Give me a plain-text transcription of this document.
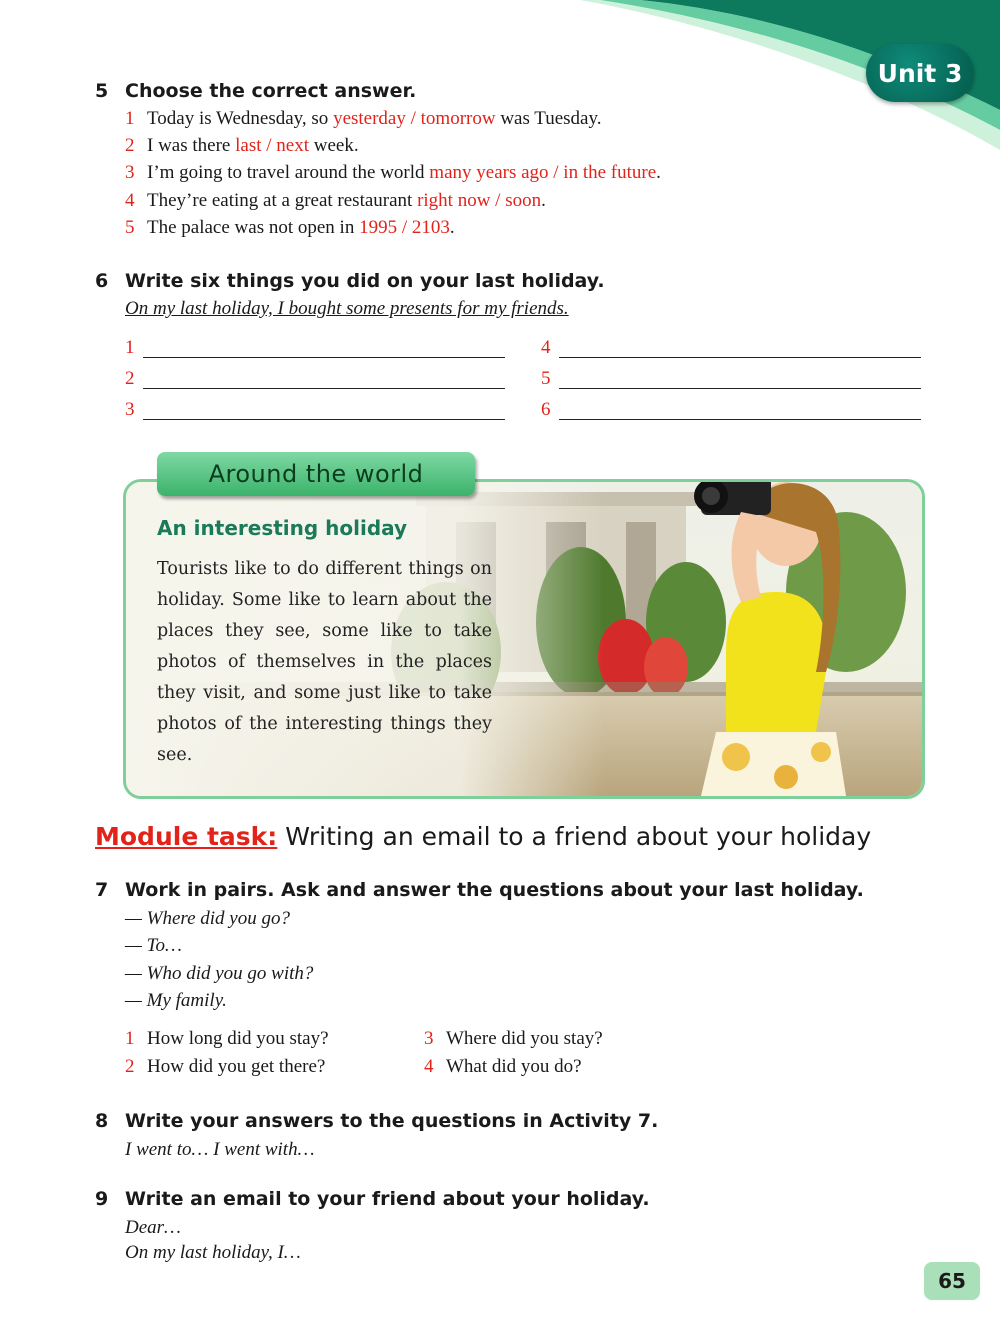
Unit 3
5 Choose the correct answer.
1 Today is Wednesday, so yesterday / tomorrow was Tuesday.
2 I was there last / next week.
3 I’m going to travel around the world many years ago / in the future.
4 They’re eating at a great restaurant right now / soon.
5 The palace was not open in 1995 / 2103.
6 Write six things you did on your last holiday.
On my last holiday, I bought some presents for my friends.
1
2
3
4
5
6
Around the world
An interesting holiday
Tourists like to do different things on holiday. Some like to learn about the places they see, some like to take photos of themselves in the places they visit, and some just like to take photos of the interesting things they see.
Module task: Writing an email to a friend about your holiday
7 Work in pairs. Ask and answer the questions about your last holiday.
— Where did you go?
— To…
— Who did you go with?
— My family.
1 How long did you stay?
2 How did you get there?
3 Where did you stay?
4 What did you do?
8 Write your answers to the questions in Activity 7.
I went to… I went with…
9 Write an email to your friend about your holiday.
Dear…
On my last holiday, I…
65
